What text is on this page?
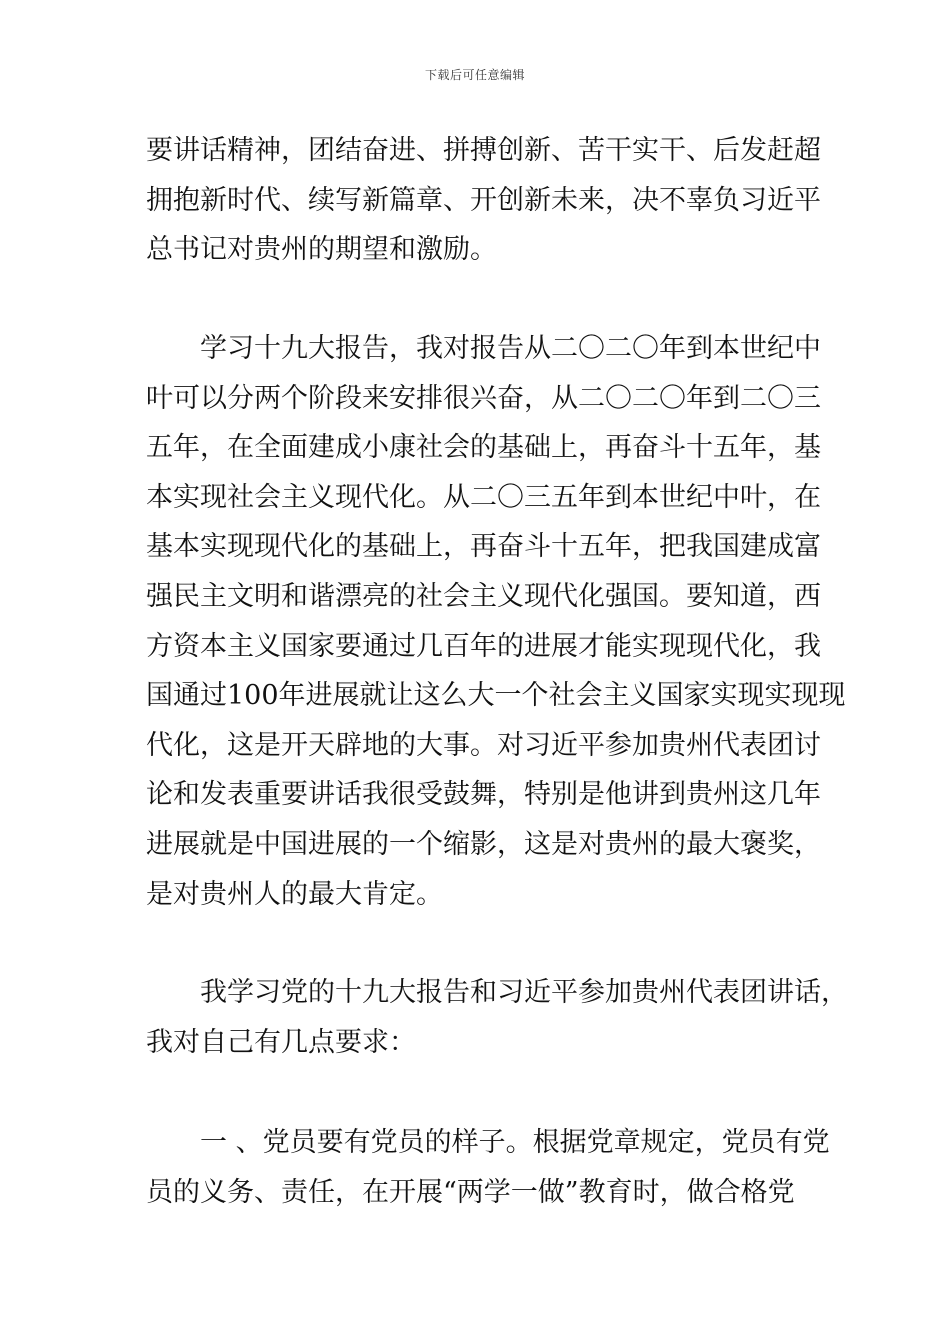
下载后可任意编辑
要讲话精神，团结奋进、拼搏创新、苦干实干、后发赶超
拥抱新时代、续写新篇章、开创新未来，决不辜负习近平
总书记对贵州的期望和激励。
学习十九大报告，我对报告从二〇二〇年到本世纪中
叶可以分两个阶段来安排很兴奋，从二〇二〇年到二〇三
五年，在全面建成小康社会的基础上，再奋斗十五年，基
本实现社会主义现代化。从二〇三五年到本世纪中叶，在
基本实现现代化的基础上，再奋斗十五年，把我国建成富
强民主文明和谐漂亮的社会主义现代化强国。要知道，西
方资本主义国家要通过几百年的进展才能实现现代化，我
国通过100年进展就让这么大一个社会主义国家实现实现现
代化，这是开天辟地的大事。对习近平参加贵州代表团讨
论和发表重要讲话我很受鼓舞，特别是他讲到贵州这几年
进展就是中国进展的一个缩影，这是对贵州的最大褒奖，
是对贵州人的最大肯定。
我学习党的十九大报告和习近平参加贵州代表团讲话，
我对自己有几点要求：
一 、党员要有党员的样子。根据党章规定，党员有党
员的义务、责任，在开展“两学一做”教育时，做合格党
